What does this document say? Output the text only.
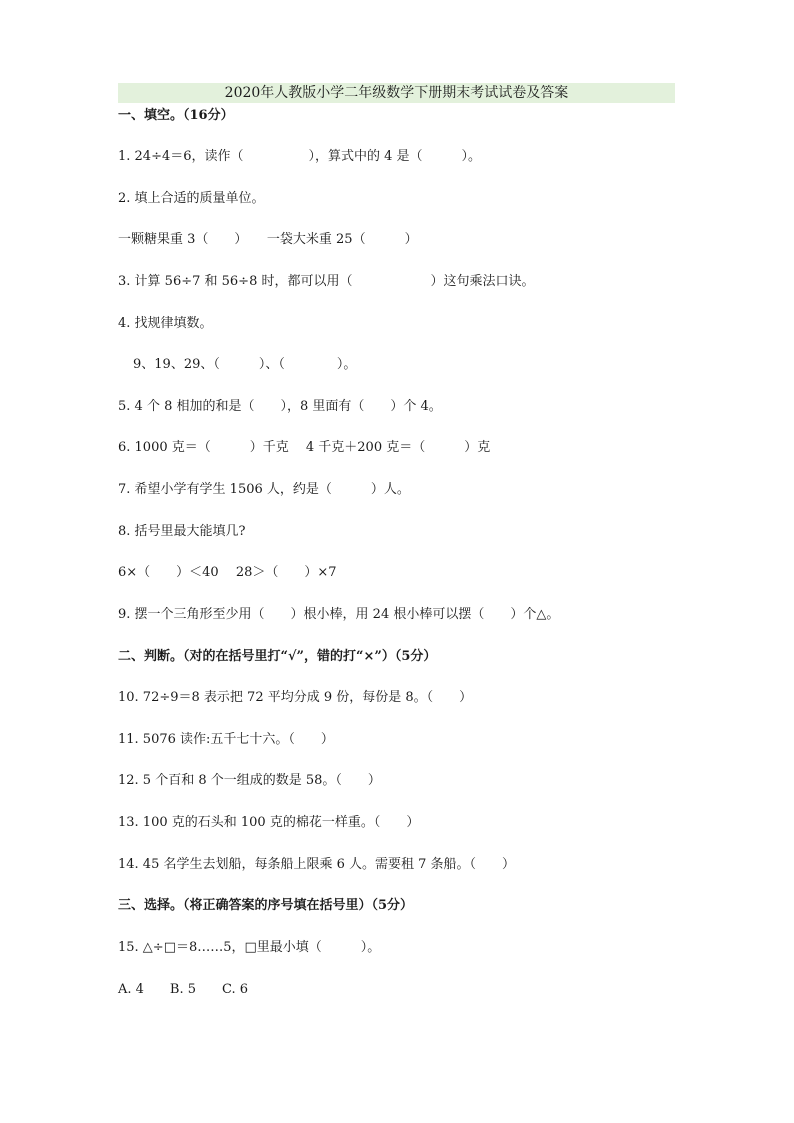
2020年人教版小学二年级数学下册期末考试试卷及答案
一、填空。（16分）
1. 24÷4＝6，读作（　　　　　），算式中的 4 是（　　　）。
2. 填上合适的质量单位。
一颗糖果重 3（　　）　　一袋大米重 25（　　　）
3. 计算 56÷7 和 56÷8 时，都可以用（　　　　　　）这句乘法口诀。
4. 找规律填数。
9、19、29、（　　　）、（　　　　）。
5. 4 个 8 相加的和是（　　），8 里面有（　　）个 4。
6. 1000 克＝（　　　）千克　 4 千克＋200 克＝（　　　）克
7. 希望小学有学生 1506 人，约是（　　　）人。
8. 括号里最大能填几?
6×（　　）＜40　 28＞（　　）×7
9. 摆一个三角形至少用（　　）根小棒，用 24 根小棒可以摆（　　）个△。
二、判断。（对的在括号里打“√”，错的打“×”）（5分）
10. 72÷9＝8 表示把 72 平均分成 9 份，每份是 8。（　　）
11. 5076 读作:五千七十六。（　　）
12. 5 个百和 8 个一组成的数是 58。（　　）
13. 100 克的石头和 100 克的棉花一样重。（　　）
14. 45 名学生去划船，每条船上限乘 6 人。需要租 7 条船。（　　）
三、选择。（将正确答案的序号填在括号里）（5分）
15. △÷□＝8……5，□里最小填（　　　）。
A. 4　　B. 5　　C. 6
